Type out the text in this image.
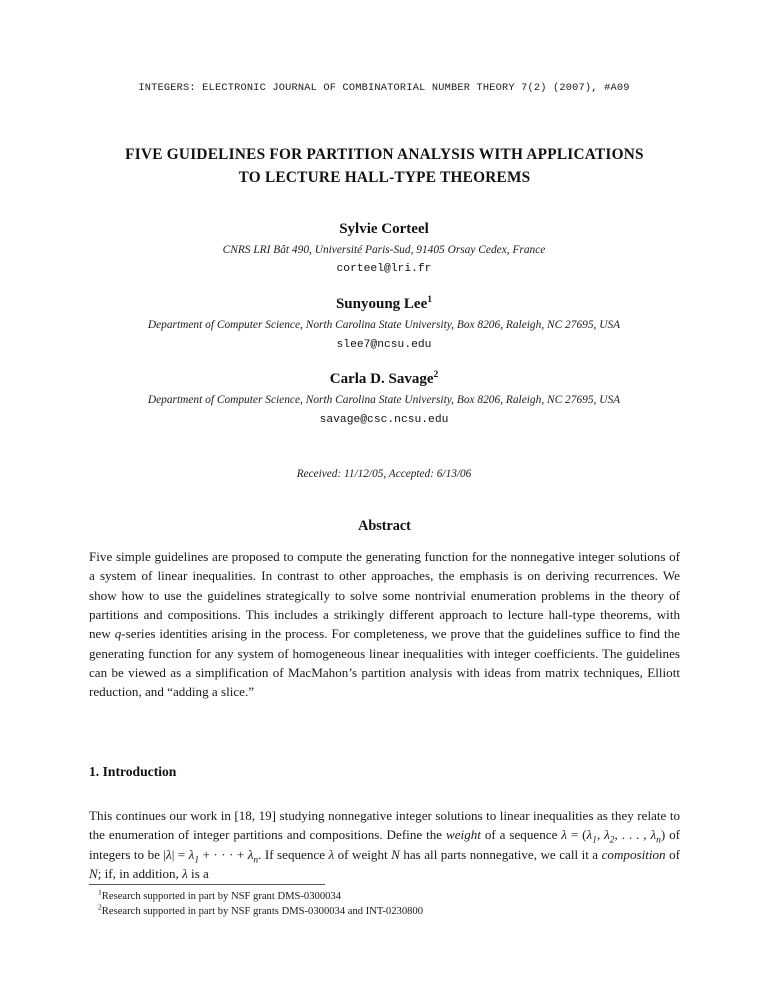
INTEGERS: ELECTRONIC JOURNAL OF COMBINATORIAL NUMBER THEORY 7(2) (2007), #A09
FIVE GUIDELINES FOR PARTITION ANALYSIS WITH APPLICATIONS
TO LECTURE HALL-TYPE THEOREMS
Sylvie Corteel
CNRS LRI Bât 490, Université Paris-Sud, 91405 Orsay Cedex, France
corteel@lri.fr
Sunyoung Lee$^1$
Department of Computer Science, North Carolina State University, Box 8206, Raleigh, NC 27695, USA
slee7@ncsu.edu
Carla D. Savage$^2$
Department of Computer Science, North Carolina State University, Box 8206, Raleigh, NC 27695, USA
savage@csc.ncsu.edu
Received: 11/12/05, Accepted: 6/13/06
Abstract
Five simple guidelines are proposed to compute the generating function for the nonnegative integer solutions of a system of linear inequalities. In contrast to other approaches, the emphasis is on deriving recurrences. We show how to use the guidelines strategically to solve some nontrivial enumeration problems in the theory of partitions and compositions. This includes a strikingly different approach to lecture hall-type theorems, with new q-series identities arising in the process. For completeness, we prove that the guidelines suffice to find the generating function for any system of homogeneous linear inequalities with integer coefficients. The guidelines can be viewed as a simplification of MacMahon’s partition analysis with ideas from matrix techniques, Elliott reduction, and “adding a slice.”
1. Introduction
This continues our work in [18, 19] studying nonnegative integer solutions to linear inequalities as they relate to the enumeration of integer partitions and compositions. Define the weight of a sequence $\lambda = (\lambda_1$, $\lambda_2$, . . . , $\lambda_n$) of integers to be $|\lambda| = \lambda_1$ + · · · + $\lambda_n$. If sequence λ of weight N has all parts nonnegative, we call it a composition of N; if, in addition, λ is a
$^1$Research supported in part by NSF grant DMS-0300034
$^2$Research supported in part by NSF grants DMS-0300034 and INT-0230800
